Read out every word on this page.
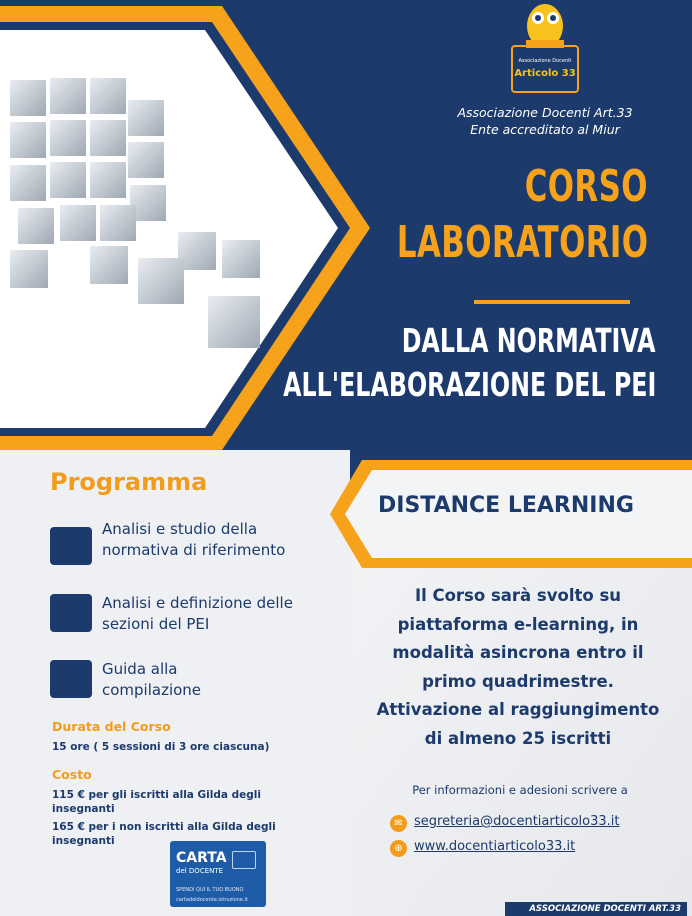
Associazione Docenti
Articolo 33
Associazione Docenti Art.33
Ente accreditato al Miur
CORSO
LABORATORIO
DALLA NORMATIVA
ALL'ELABORAZIONE DEL PEI
Programma
Analisi e studio della normativa di riferimento
Analisi e definizione delle sezioni del PEI
Guida alla compilazione
DISTANCE LEARNING
Durata del Corso
15 ore ( 5 sessioni di 3 ore ciascuna)
Costo
115 € per gli iscritti alla Gilda degli insegnanti
165 € per i non iscritti alla Gilda degli insegnanti
CARTA
del DOCENTE
SPENDI QUI IL TUO BUONO
cartadeldocente.istruzione.it
Il Corso sarà svolto su
piattaforma e-learning, in
modalità asincrona entro il
primo quadrimestre.
Attivazione al raggiungimento
di almeno 25 iscritti
Per informazioni e adesioni scrivere a
✉ segreteria@docentiarticolo33.it
⊕ www.docentiarticolo33.it
ASSOCIAZIONE DOCENTI ART.33
